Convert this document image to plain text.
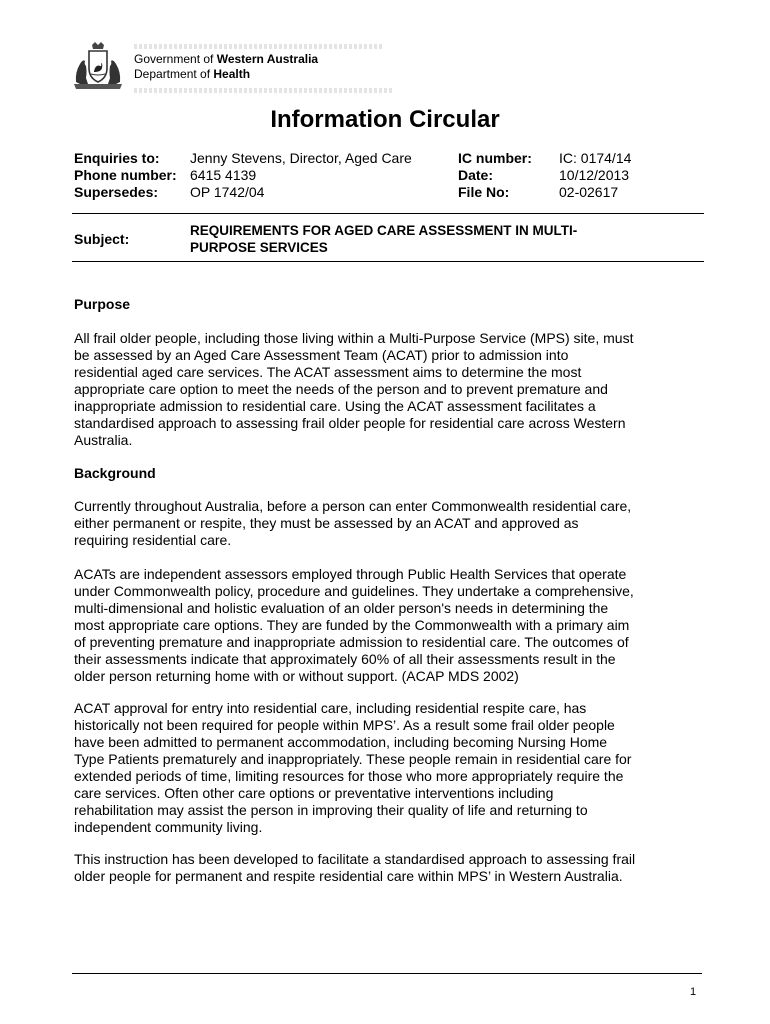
Government of Western Australia
Department of Health
Information Circular
Enquiries to: Jenny Stevens, Director, Aged Care
Phone number: 6415 4139
Supersedes: OP 1742/04
IC number: IC: 0174/14
Date:	10/12/2013
File No:	02-02617
Subject:
REQUIREMENTS FOR AGED CARE ASSESSMENT IN MULTI-
PURPOSE SERVICES
Purpose
All frail older people, including those living within a Multi-Purpose Service (MPS) site, must
be assessed by an Aged Care Assessment Team (ACAT) prior to admission into
residential aged care services. The ACAT assessment aims to determine the most
appropriate care option to meet the needs of the person and to prevent premature and
inappropriate admission to residential care. Using the ACAT assessment facilitates a
standardised approach to assessing frail older people for residential care across Western
Australia.
Background
Currently throughout Australia, before a person can enter Commonwealth residential care,
either permanent or respite, they must be assessed by an ACAT and approved as
requiring residential care.
ACATs are independent assessors employed through Public Health Services that operate
under Commonwealth policy, procedure and guidelines. They undertake a comprehensive,
multi-dimensional and holistic evaluation of an older person's needs in determining the
most appropriate care options. They are funded by the Commonwealth with a primary aim
of preventing premature and inappropriate admission to residential care. The outcomes of
their assessments indicate that approximately 60% of all their assessments result in the
older person returning home with or without support. (ACAP MDS 2002)
ACAT approval for entry into residential care, including residential respite care, has
historically not been required for people within MPS’. As a result some frail older people
have been admitted to permanent accommodation, including becoming Nursing Home
Type Patients prematurely and inappropriately. These people remain in residential care for
extended periods of time, limiting resources for those who more appropriately require the
care services. Often other care options or preventative interventions including
rehabilitation may assist the person in improving their quality of life and returning to
independent community living.
This instruction has been developed to facilitate a standardised approach to assessing frail
older people for permanent and respite residential care within MPS’ in Western Australia.
1
